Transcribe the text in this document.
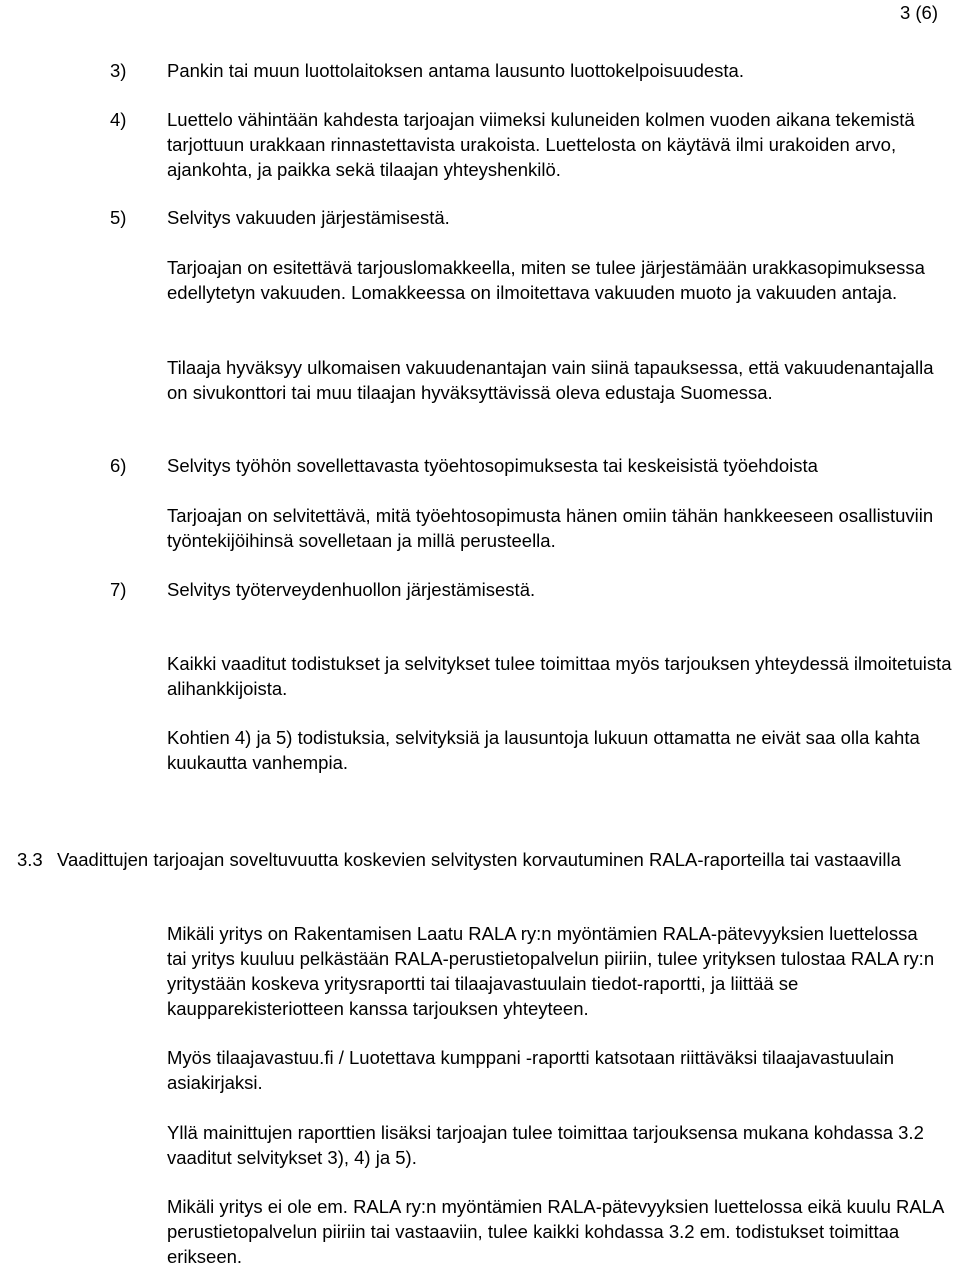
3 (6)
3) Pankin tai muun luottolaitoksen antama lausunto luottokelpoisuudesta.

4) Luettelo vähintään kahdesta tarjoajan viimeksi kuluneiden kolmen vuoden aikana tekemistä tarjottuun urakkaan rinnastettavista urakoista. Luettelosta on käytävä ilmi urakoiden arvo, ajankohta, ja paikka sekä tilaajan yhteyshenkilö.

5) Selvitys vakuuden järjestämisestä.

Tarjoajan on esitettävä tarjouslomakkeella, miten se tulee järjestämään urakkasopimuksessa edellytetyn vakuuden. Lomakkeessa on ilmoitettava vakuuden muoto ja vakuuden antaja.

Tilaaja hyväksyy ulkomaisen vakuudenantajan vain siinä tapauksessa, että vakuudenantajalla on sivukonttori tai muu tilaajan hyväksyttävissä oleva edustaja Suomessa.

6) Selvitys työhön sovellettavasta työehtosopimuksesta tai keskeisistä työehdoista

Tarjoajan on selvitettävä, mitä työehtosopimusta hänen omiin tähän hankkeeseen osallistuviin työntekijöihinsä sovelletaan ja millä perusteella.

7) Selvitys työterveydenhuollon järjestämisestä.

Kaikki vaaditut todistukset ja selvitykset tulee toimittaa myös tarjouksen yhteydessä ilmoitetuista alihankkijoista.

Kohtien 4) ja 5) todistuksia, selvityksiä ja lausuntoja lukuun ottamatta ne eivät saa olla kahta kuukautta vanhempia.

3.3 Vaadittujen tarjoajan soveltuvuutta koskevien selvitysten korvautuminen RALA-raporteilla tai vastaavilla

Mikäli yritys on Rakentamisen Laatu RALA ry:n myöntämien RALA-pätevyyksien luettelossa tai yritys kuuluu pelkästään RALA-perustietopalvelun piiriin, tulee yrityksen tulostaa RALA ry:n yritystään koskeva yritysraportti tai tilaajavastuulain tiedot-raportti, ja liittää se kaupparekisteriotteen kanssa tarjouksen yhteyteen.

Myös tilaajavastuu.fi / Luotettava kumppani -raportti katsotaan riittäväksi tilaajavastuulain asiakirjaksi.

Yllä mainittujen raporttien lisäksi tarjoajan tulee toimittaa tarjouksensa mukana kohdassa 3.2 vaaditut selvitykset 3), 4) ja 5).

Mikäli yritys ei ole em. RALA ry:n myöntämien RALA-pätevyyksien luettelossa eikä kuulu RALA perustietopalvelun piiriin tai vastaaviin, tulee kaikki kohdassa 3.2 em. todistukset toimittaa erikseen.
